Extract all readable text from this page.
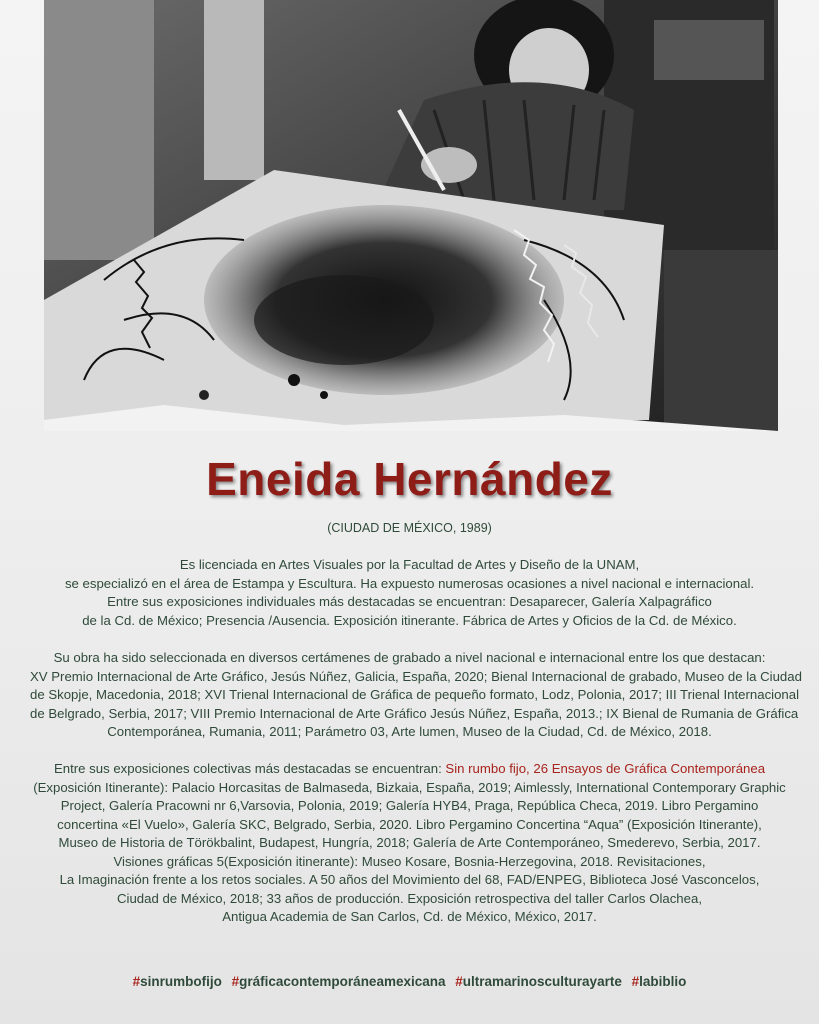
Eneida Hernández
(CIUDAD DE MÉXICO, 1989)
Es licenciada en Artes Visuales por la Facultad de Artes y Diseño de la UNAM,
se especializó en el área de Estampa y Escultura. Ha expuesto numerosas ocasiones a nivel nacional e internacional.
Entre sus exposiciones individuales más destacadas se encuentran: Desaparecer, Galería Xalpagráfico
de la Cd. de México; Presencia /Ausencia. Exposición itinerante. Fábrica de Artes y Oficios de la Cd. de México.
Su obra ha sido seleccionada en diversos certámenes de grabado a nivel nacional e internacional entre los que destacan:
XV Premio Internacional de Arte Gráfico, Jesús Núñez, Galicia, España, 2020; Bienal Internacional de grabado, Museo de la Ciudad
de Skopje, Macedonia, 2018; XVI Trienal Internacional de Gráfica de pequeño formato, Lodz, Polonia, 2017; III Trienal Internacional
de Belgrado, Serbia, 2017; VIII Premio Internacional de Arte Gráfico Jesús Núñez, España, 2013.; IX Bienal de Rumania de Gráfica
Contemporánea, Rumania, 2011; Parámetro 03, Arte lumen, Museo de la Ciudad, Cd. de México, 2018.
Entre sus exposiciones colectivas más destacadas se encuentran: Sin rumbo fijo, 26 Ensayos de Gráfica Contemporánea
(Exposición Itinerante): Palacio Horcasitas de Balmaseda, Bizkaia, España, 2019; Aimlessly, International Contemporary Graphic
Project, Galería Pracowni nr 6,Varsovia, Polonia, 2019; Galería HYB4, Praga, República Checa, 2019. Libro Pergamino
concertina «El Vuelo», Galería SKC, Belgrado, Serbia, 2020. Libro Pergamino Concertina “Aqua” (Exposición Itinerante),
Museo de Historia de Törökbalint, Budapest, Hungría, 2018; Galería de Arte Contemporáneo, Smederevo, Serbia, 2017.
Visiones gráficas 5(Exposición itinerante): Museo Kosare, Bosnia-Herzegovina, 2018. Revisitaciones,
La Imaginación frente a los retos sociales. A 50 años del Movimiento del 68, FAD/ENPEG, Biblioteca José Vasconcelos,
Ciudad de México, 2018; 33 años de producción. Exposición retrospectiva del taller Carlos Olachea,
Antigua Academia de San Carlos, Cd. de México, México, 2017.
#sinrumbofijo #gráficacontemporáneamexicana #ultramarinosculturayarte #labiblio
